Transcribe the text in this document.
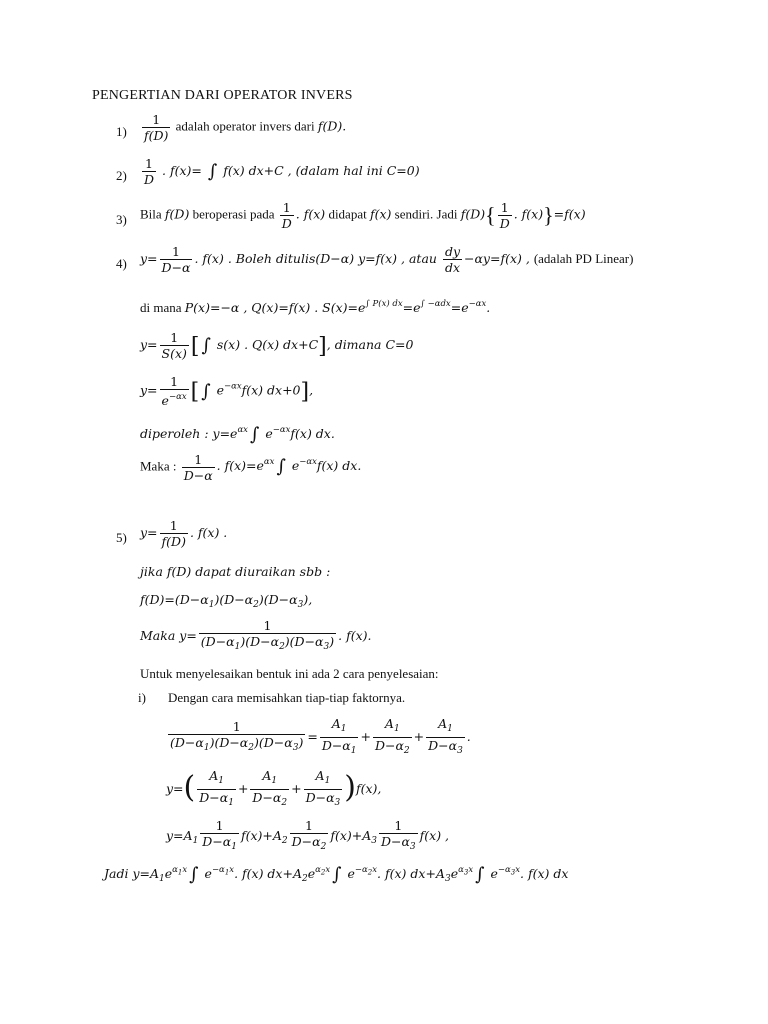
PENGERTIAN DARI OPERATOR INVERS
$1) \frac{1}{f(D)}$ adalah operator invers dari f(D).
$2) \frac{1}{D}$ . f(x)= ∫ f(x) dx+C , (dalam hal ini C=0)
3) Bila f(D) beroperasi pada $\frac{1}{D}$ . f(x) didapat f(x) sendiri. Jadi $f(D)\{ \frac{1}{D}$ . f(x)}=f(x)
4) $y= \frac{1}{D-\alpha}$ . f(x) . Boleh ditulis(D−α) y=f(x) , atau $\frac{dy}{dx} -\alpha y=f(x)$ , (adalah PD Linear)
di mana P(x)=−α , Q(x)=f(x) . $S(x)=e^{\int P(x) dx}=e^{\int -\alpha dx}=e^{-\alpha x}$.
$y= \frac{1}{S(x)}$ [ ∫ s(x) . Q(x) dx+C], dimana C=0
$y= \frac{1}{e^{-\alpha x}}$ [ ∫ $e^{-\alpha x}f(x)$ dx+0],
diperoleh : $y=e^{\alpha x}$ ∫ $e^{-\alpha x}f(x)$ dx.
Maka : $\frac{1}{D-\alpha}$ . $f(x)=e^{\alpha x}$ ∫ $e^{-\alpha x}f(x)$ dx.
5) $y= \frac{1}{f(D)}$ . f(x) .
jika f(D) dapat diuraikan sbb :
$f(D)=(D-\alpha_1)(D-\alpha_2)(D-\alpha_3)$,
Maka $y= \frac{1}{(D-\alpha_1)(D-\alpha_2)(D-\alpha_3)}$ . f(x).
Untuk menyelesaikan bentuk ini ada 2 cara penyelesaian:
i) Dengan cara memisahkan tiap-tiap faktornya.
$\frac{1}{(D-\alpha_1)(D-\alpha_2)(D-\alpha_3)} = \frac{A_1}{D-\alpha_1} + \frac{A_1}{D-\alpha_2} + \frac{A_1}{D-\alpha_3}$ .
$y=( \frac{A_1}{D-\alpha_1} + \frac{A_1}{D-\alpha_2} + \frac{A_1}{D-\alpha_3} )f(x)$,
$y=A_1 \frac{1}{D-\alpha_1} f(x)+A_2 \frac{1}{D-\alpha_2} f(x)+A_3 \frac{1}{D-\alpha_3} f(x)$ ,
Jadi $y=A_1e^{\alpha_1x}$ ∫ $e^{-\alpha_1x}$. f(x) $dx+A_2e^{\alpha_2x}$ ∫ $e^{-\alpha_2x}$. f(x) $dx+A_3e^{\alpha_3x}$ ∫ $e^{-\alpha_3x}$. f(x) dx
